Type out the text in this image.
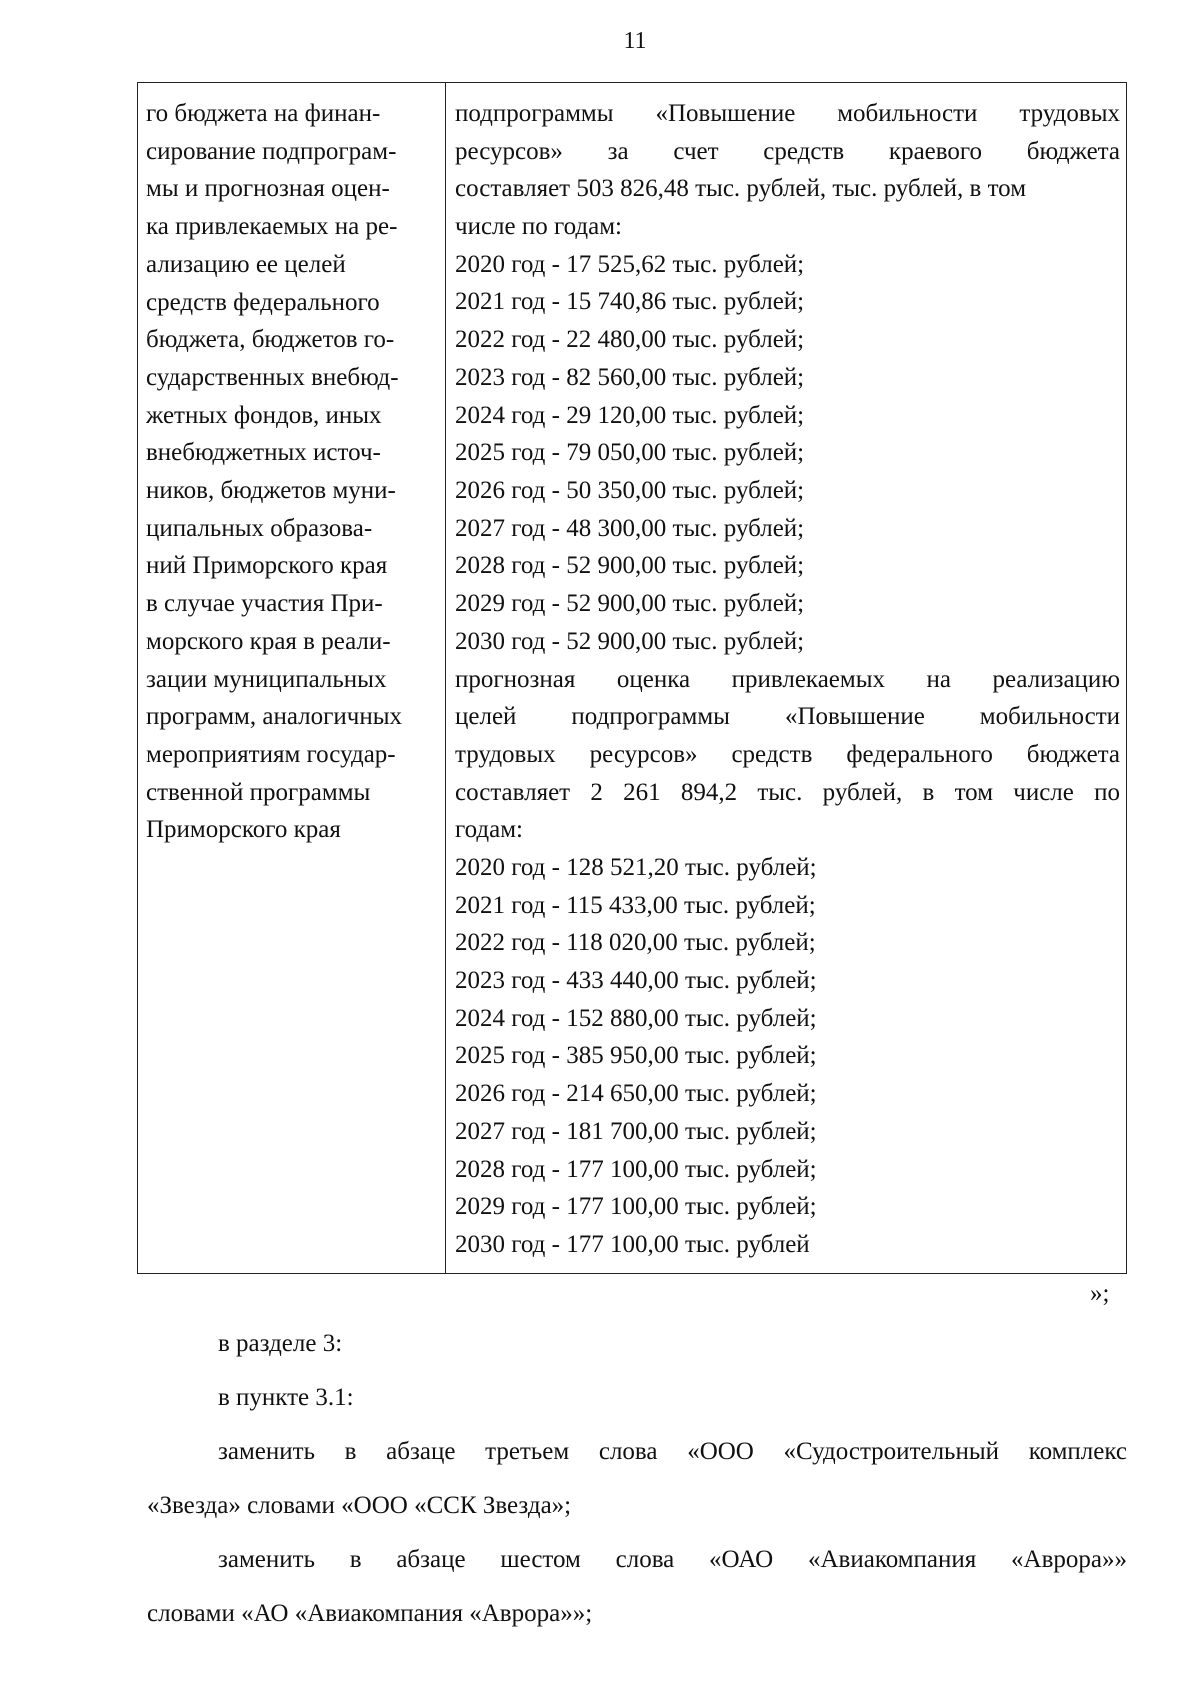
11
го бюджета на финан-
сирование подпрограм-
мы и прогнозная оцен-
ка привлекаемых на ре-
ализацию ее целей
средств федерального
бюджета, бюджетов го-
сударственных внебюд-
жетных фондов, иных
внебюджетных источ-
ников, бюджетов муни-
ципальных образова-
ний Приморского края
в случае участия При-
морского края в реали-
зации муниципальных
программ, аналогичных
мероприятиям государ-
ственной программы
Приморского края
подпрограммы «Повышение мобильности трудовых
ресурсов» за счет средств краевого бюджета
составляет 503 826,48 тыс. рублей, тыс. рублей, в том
числе по годам:
2020 год - 17 525,62 тыс. рублей;
2021 год - 15 740,86 тыс. рублей;
2022 год - 22 480,00 тыс. рублей;
2023 год - 82 560,00 тыс. рублей;
2024 год - 29 120,00 тыс. рублей;
2025 год - 79 050,00 тыс. рублей;
2026 год - 50 350,00 тыс. рублей;
2027 год - 48 300,00 тыс. рублей;
2028 год - 52 900,00 тыс. рублей;
2029 год - 52 900,00 тыс. рублей;
2030 год - 52 900,00 тыс. рублей;
прогнозная оценка привлекаемых на реализацию
целей подпрограммы «Повышение мобильности
трудовых ресурсов» средств федерального бюджета
составляет 2 261 894,2 тыс. рублей, в том числе по
годам:
2020 год - 128 521,20 тыс. рублей;
2021 год - 115 433,00 тыс. рублей;
2022 год - 118 020,00 тыс. рублей;
2023 год - 433 440,00 тыс. рублей;
2024 год - 152 880,00 тыс. рублей;
2025 год - 385 950,00 тыс. рублей;
2026 год - 214 650,00 тыс. рублей;
2027 год - 181 700,00 тыс. рублей;
2028 год - 177 100,00 тыс. рублей;
2029 год - 177 100,00 тыс. рублей;
2030 год - 177 100,00 тыс. рублей
»;
в разделе 3:
в пункте 3.1:
заменить в абзаце третьем слова «ООО «Судостроительный комплекс
«Звезда» словами «ООО «ССК Звезда»;
заменить в абзаце шестом слова «ОАО «Авиакомпания «Аврора»»
словами «АО «Авиакомпания «Аврора»»;
